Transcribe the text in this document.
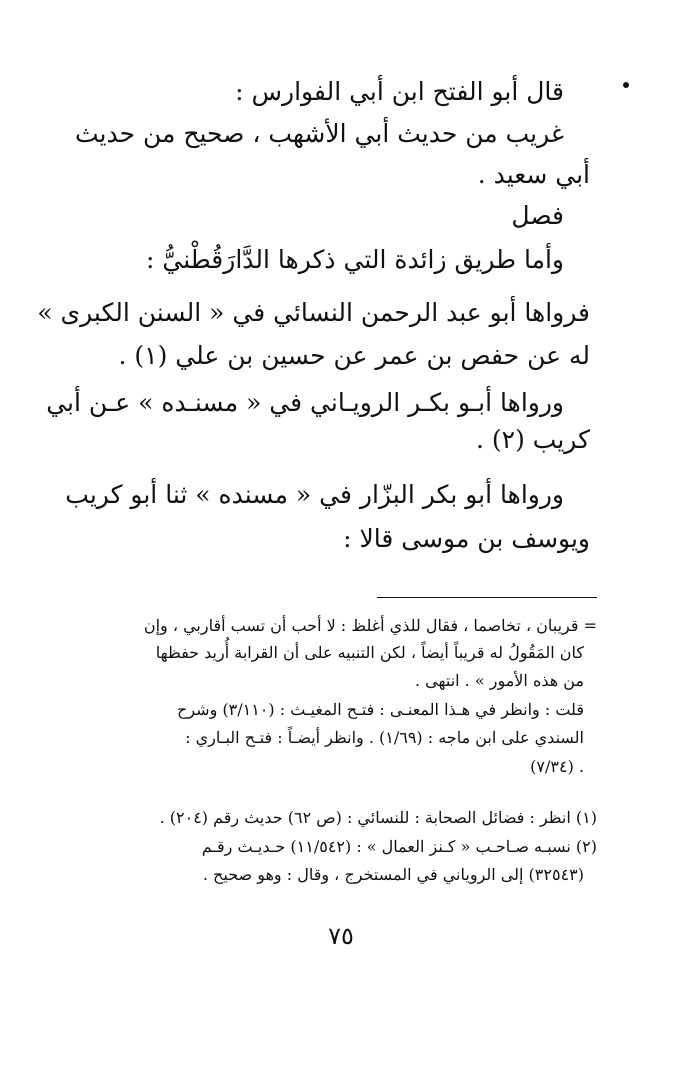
قال أبو الفتح ابن أبي الفوارس :
غريب من حديث أبي الأشهب ، صحيح من حديث
أبي سعيد .
فصل
وأما طريق زائدة التي ذكرها الدَّارَقُطْنيُّ :
فرواها أبو عبد الرحمن النسائي في « السنن الكبرى »
له عن حفص بن عمر عن حسين بن علي (١) .
ورواها أبـو بكـر الرويـاني في « مسنـده » عـن أبي
كريب (٢) .
ورواها أبو بكر البزّار في « مسنده » ثنا أبو كريب
ويوسف بن موسى قالا :
= قريبان ، تخاصما ، فقال للذي أغلظ : لا أحب أن تسب أقاربي ، وإن
كان المَقُولُ له قريباً أيضاً ، لكن التنبيه على أن القرابة أُريد حفظها
من هذه الأمور » . انتهى .
قلت : وانظر في هـذا المعنـى : فتـح المغيـث : (٣/١١٠) وشرح
السندي على ابن ماجه : (١/٦٩) . وانظر أيضـاً : فتـح البـاري :
(٧/٣٤) .
(١) انظر : فضائل الصحابة : للنسائي : (ص ٦٢) حديث رقم (٢٠٤) .
(٢) نسبـه صـاحـب « كـنز العمال » : (١١/٥٤٢) حـديـث رقـم
(٣٢٥٤٣) إلى الروياني في المستخرج ، وقال : وهو صحيح .
٧٥
